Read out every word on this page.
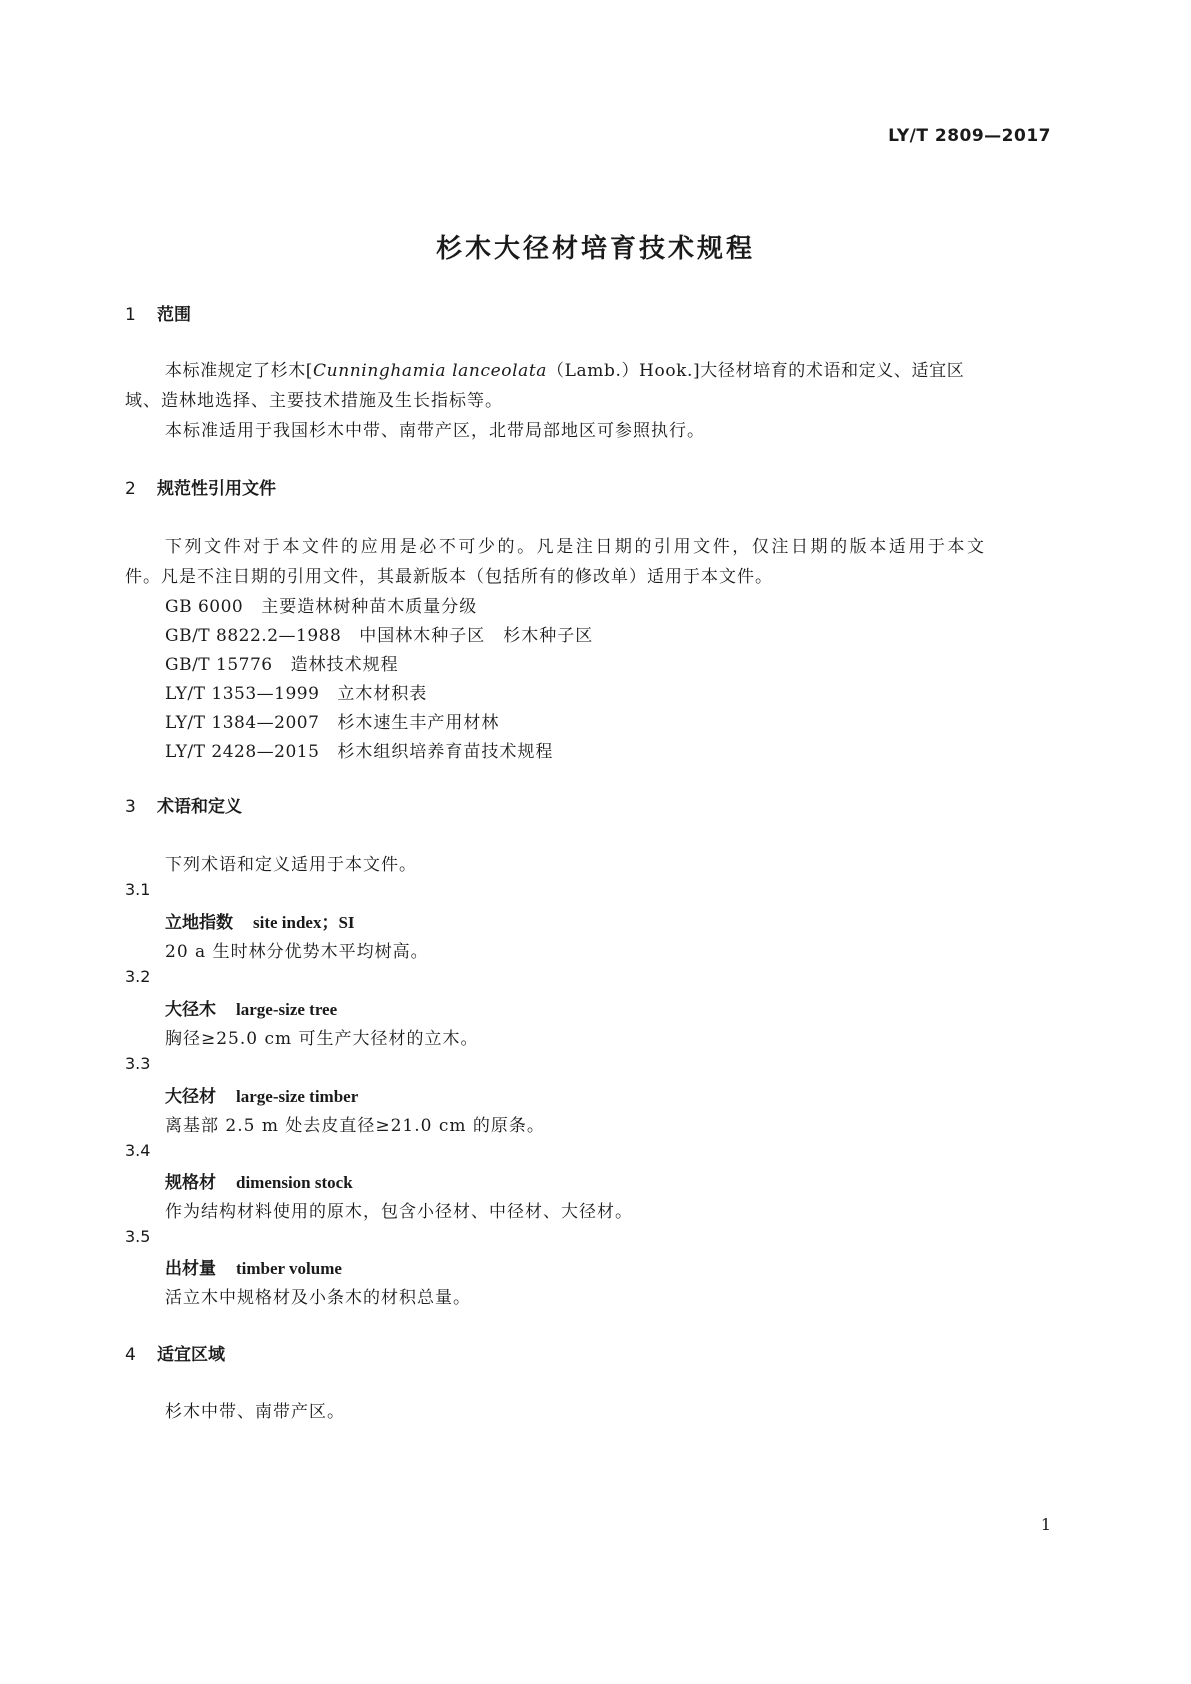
LY/T 2809—2017
杉木大径材培育技术规程
1 范围
本标准规定了杉木[Cunninghamia lanceolata（Lamb.）Hook.]大径材培育的术语和定义、适宜区
域、造林地选择、主要技术措施及生长指标等。
本标准适用于我国杉木中带、南带产区，北带局部地区可参照执行。
2 规范性引用文件
下列文件对于本文件的应用是必不可少的。凡是注日期的引用文件，仅注日期的版本适用于本文
件。凡是不注日期的引用文件，其最新版本（包括所有的修改单）适用于本文件。
GB 6000 主要造林树种苗木质量分级
GB/T 8822.2—1988 中国林木种子区　杉木种子区
GB/T 15776 造林技术规程
LY/T 1353—1999 立木材积表
LY/T 1384—2007 杉木速生丰产用材林
LY/T 2428—2015 杉木组织培养育苗技术规程
3 术语和定义
下列术语和定义适用于本文件。
3.1
立地指数 site index；SI
20 a 生时林分优势木平均树高。
3.2
大径木 large-size tree
胸径≥25.0 cm 可生产大径材的立木。
3.3
大径材 large-size timber
离基部 2.5 m 处去皮直径≥21.0 cm 的原条。
3.4
规格材 dimension stock
作为结构材料使用的原木，包含小径材、中径材、大径材。
3.5
出材量 timber volume
活立木中规格材及小条木的材积总量。
4 适宜区域
杉木中带、南带产区。
1
